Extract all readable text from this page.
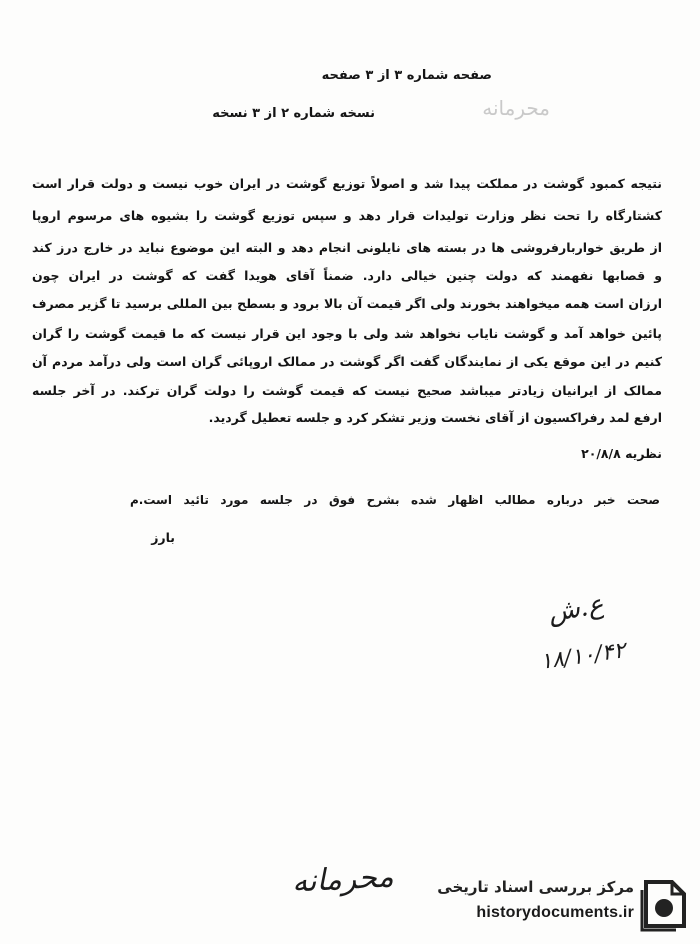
صفحه شماره ۳ از ۳ صفحه
نسخه شماره ۲ از ۳ نسخه	محرمانه
نتیجه کمبود گوشت در مملکت پیدا شد و اصولاً توزیع گوشت در ایران خوب نیست و دولت قرار است
کشتارگاه را تحت نظر وزارت تولیدات قرار دهد و سپس توزیع گوشت را بشیوه های مرسوم اروپا
از طریق خواربارفروشی ها در بسته های نایلونی انجام دهد و البته این موضوع نباید در خارج درز کند
و قصابها نفهمند که دولت چنین خیالی دارد. ضمناً آقای هویدا گفت که گوشت در ایران چون
ارزان است همه میخواهند بخورند ولی اگر قیمت آن بالا برود و بسطح بین المللی برسید تا گزیر مصرف
پائین خواهد آمد و گوشت نایاب نخواهد شد ولی با وجود این قرار نیست که ما قیمت گوشت را گران
کنیم در این موقع یکی از نمایندگان گفت اگر گوشت در ممالک اروپائی گران است ولی درآمد مردم آن
ممالک از ایرانیان زیادتر میباشد صحیح نیست که قیمت گوشت را دولت گران ترکند. در آخر جلسه
ارفع لمد رفراکسیون از آقای نخست وزیر تشکر کرد و جلسه تعطیل گردید.
نظریه ۲۰/۸/۸
صحت خبر درباره مطالب اظهار شده بشرح فوق در جلسه مورد تائید است.م
بارز
ع.ش
۱۸/۱۰/۴۲
محرمانه	مرکز بررسی اسناد تاریخی
historydocuments.ir
